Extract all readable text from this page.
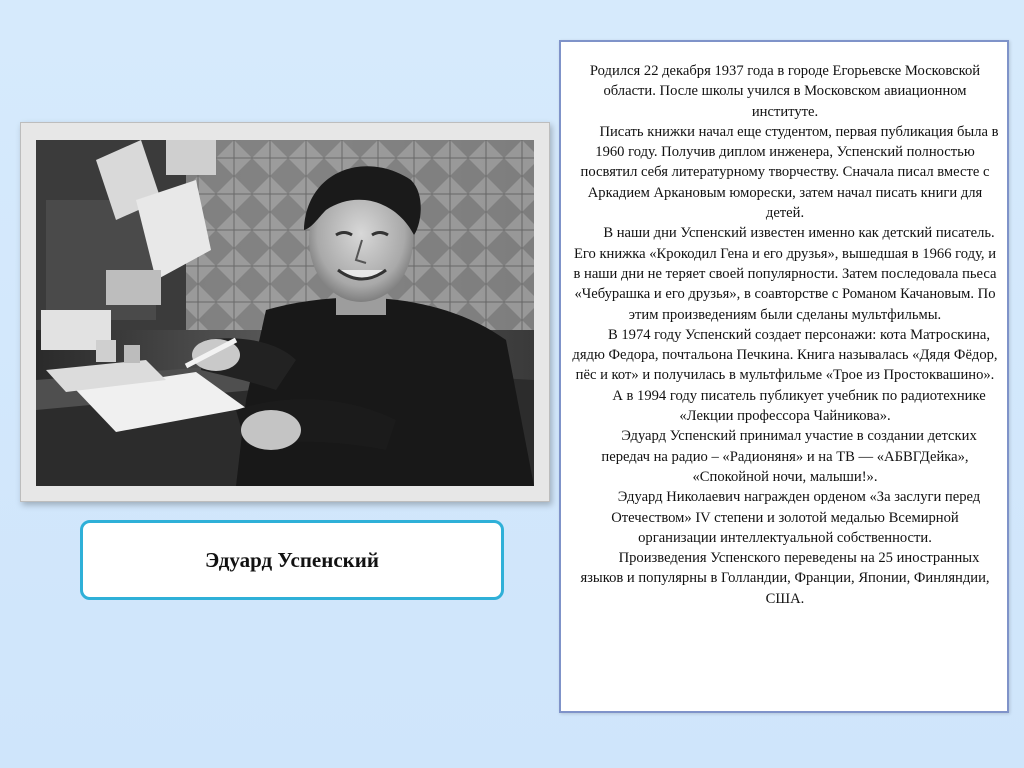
Эдуард Успенский

Родился 22 декабря 1937 года в городе Егорьевске Московской области. После школы учился в Московском авиационном институте.

Писать книжки начал еще студентом, первая публикация была в 1960 году. Получив диплом инженера, Успенский полностью посвятил себя литературному творчеству. Сначала писал вместе с Аркадием Аркановым юморески, затем начал писать книги для детей.

В наши дни Успенский известен именно как детский писатель. Его книжка «Крокодил Гена и его друзья», вышедшая в 1966 году, и в наши дни не теряет своей популярности. Затем последовала пьеса «Чебурашка и его друзья», в соавторстве с Романом Качановым. По этим произведениям были сделаны мультфильмы.

В 1974 году Успенский создает персонажи: кота Матроскина, дядю Федора, почтальона Печкина. Книга называлась «Дядя Фёдор, пёс и кот» и получилась в мультфильме «Трое из Простоквашино».

А в 1994 году писатель публикует учебник по радиотехнике «Лекции профессора Чайникова».

Эдуард Успенский принимал участие в создании детских передач на радио – «Радионяня» и на ТВ — «АБВГДейка», «Спокойной ночи, малыши!».

Эдуард Николаевич награжден орденом «За заслуги перед Отечеством» IV степени и золотой медалью Всемирной организации интеллектуальной собственности.

Произведения Успенского переведены на 25 иностранных языков и популярны в Голландии, Франции, Японии, Финляндии, США.
